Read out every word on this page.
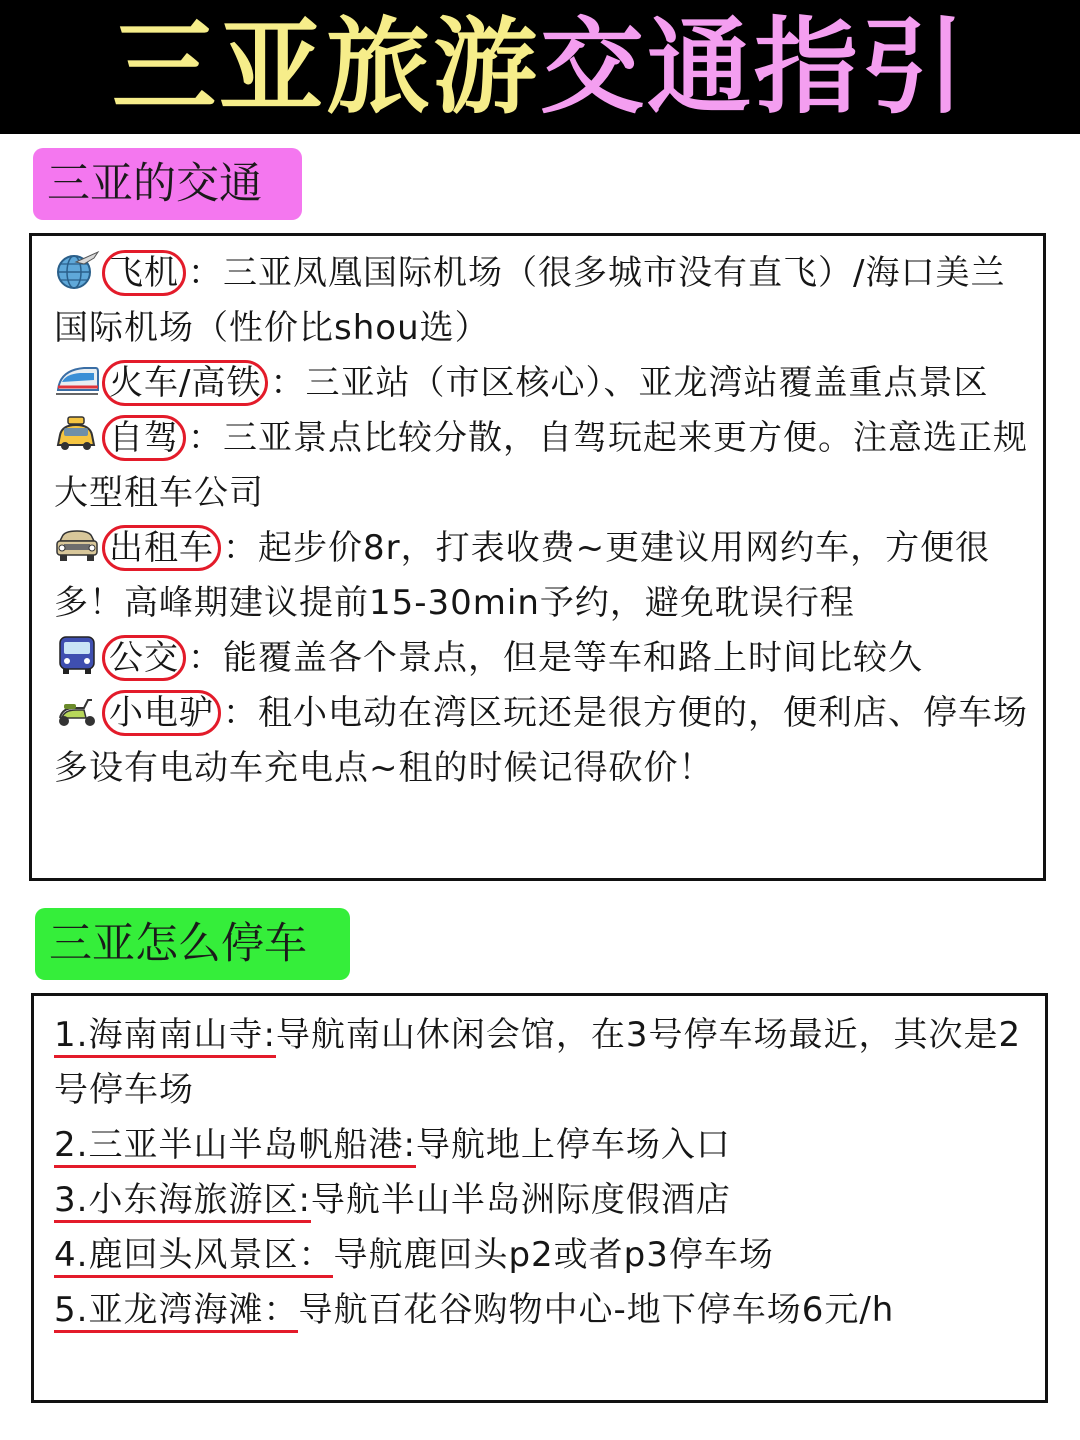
三亚旅游交通指引
三亚的交通

飞机 ：三亚凤凰国际机场（很多城市没有直飞）/海口美兰国际机场（性价比shou选）

火车/高铁 ：三亚站（市区核心）、亚龙湾站覆盖重点景区

自驾 ：三亚景点比较分散，自驾玩起来更方便。注意选正规大型租车公司

出租车 ：起步价8r，打表收费~更建议用网约车，方便很多！高峰期建议提前15-30min予约，避免耽误行程

公交 ：能覆盖各个景点，但是等车和路上时间比较久

小电驴 ：租小电动在湾区玩还是很方便的，便利店、停车场多设有电动车充电点~租的时候记得砍价！

三亚怎么停车

1.海南南山寺:导航南山休闲会馆，在3号停车场最近，其次是2号停车场

2.三亚半山半岛帆船港:导航地上停车场入口

3.小东海旅游区:导航半山半岛洲际度假酒店

4.鹿回头风景区：导航鹿回头p2或者p3停车场

5.亚龙湾海滩：导航百花谷购物中心-地下停车场6元/h
